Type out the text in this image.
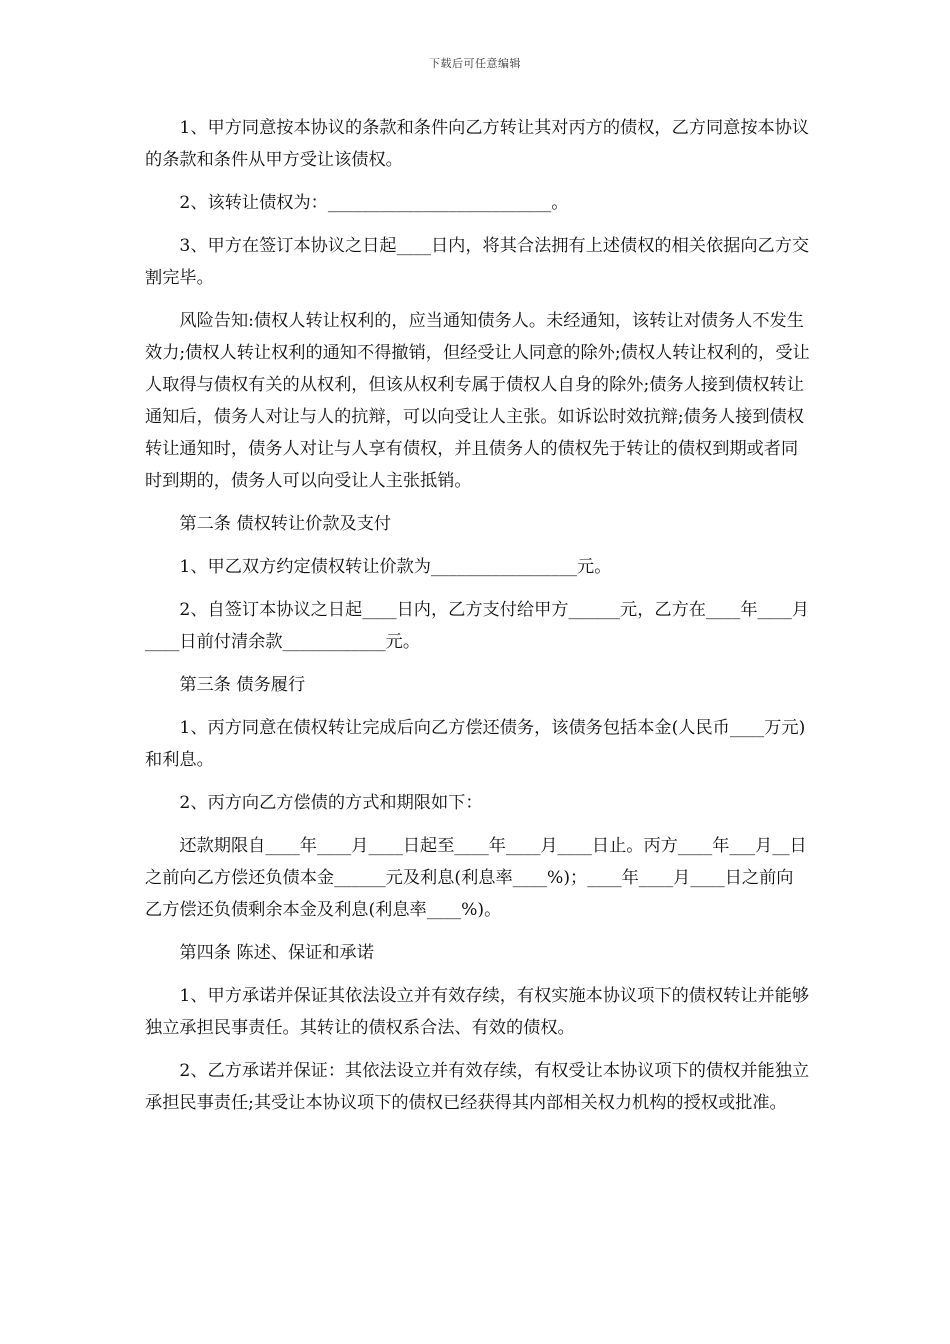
下载后可任意编辑

1、甲方同意按本协议的条款和条件向乙方转让其对丙方的债权，乙方同意按本协议的条款和条件从甲方受让该债权。

2、该转让债权为：__________________________。

3、甲方在签订本协议之日起____日内，将其合法拥有上述债权的相关依据向乙方交割完毕。

风险告知:债权人转让权利的，应当通知债务人。未经通知，该转让对债务人不发生效力;债权人转让权利的通知不得撤销，但经受让人同意的除外;债权人转让权利的，受让人取得与债权有关的从权利，但该从权利专属于债权人自身的除外;债务人接到债权转让通知后，债务人对让与人的抗辩，可以向受让人主张。如诉讼时效抗辩;债务人接到债权转让通知时，债务人对让与人享有债权，并且债务人的债权先于转让的债权到期或者同时到期的，债务人可以向受让人主张抵销。

第二条 债权转让价款及支付

1、甲乙双方约定债权转让价款为_________________元。

2、自签订本协议之日起____日内，乙方支付给甲方______元，乙方在____年____月____日前付清余款____________元。

第三条 债务履行

1、丙方同意在债权转让完成后向乙方偿还债务，该债务包括本金(人民币____万元)和利息。

2、丙方向乙方偿债的方式和期限如下：

还款期限自____年____月____日起至____年____月____日止。丙方____年___月__日之前向乙方偿还负债本金______元及利息(利息率____%)；____年____月____日之前向乙方偿还负债剩余本金及利息(利息率____%)。

第四条 陈述、保证和承诺

1、甲方承诺并保证其依法设立并有效存续，有权实施本协议项下的债权转让并能够独立承担民事责任。其转让的债权系合法、有效的债权。

2、乙方承诺并保证：其依法设立并有效存续，有权受让本协议项下的债权并能独立承担民事责任;其受让本协议项下的债权已经获得其内部相关权力机构的授权或批准。
